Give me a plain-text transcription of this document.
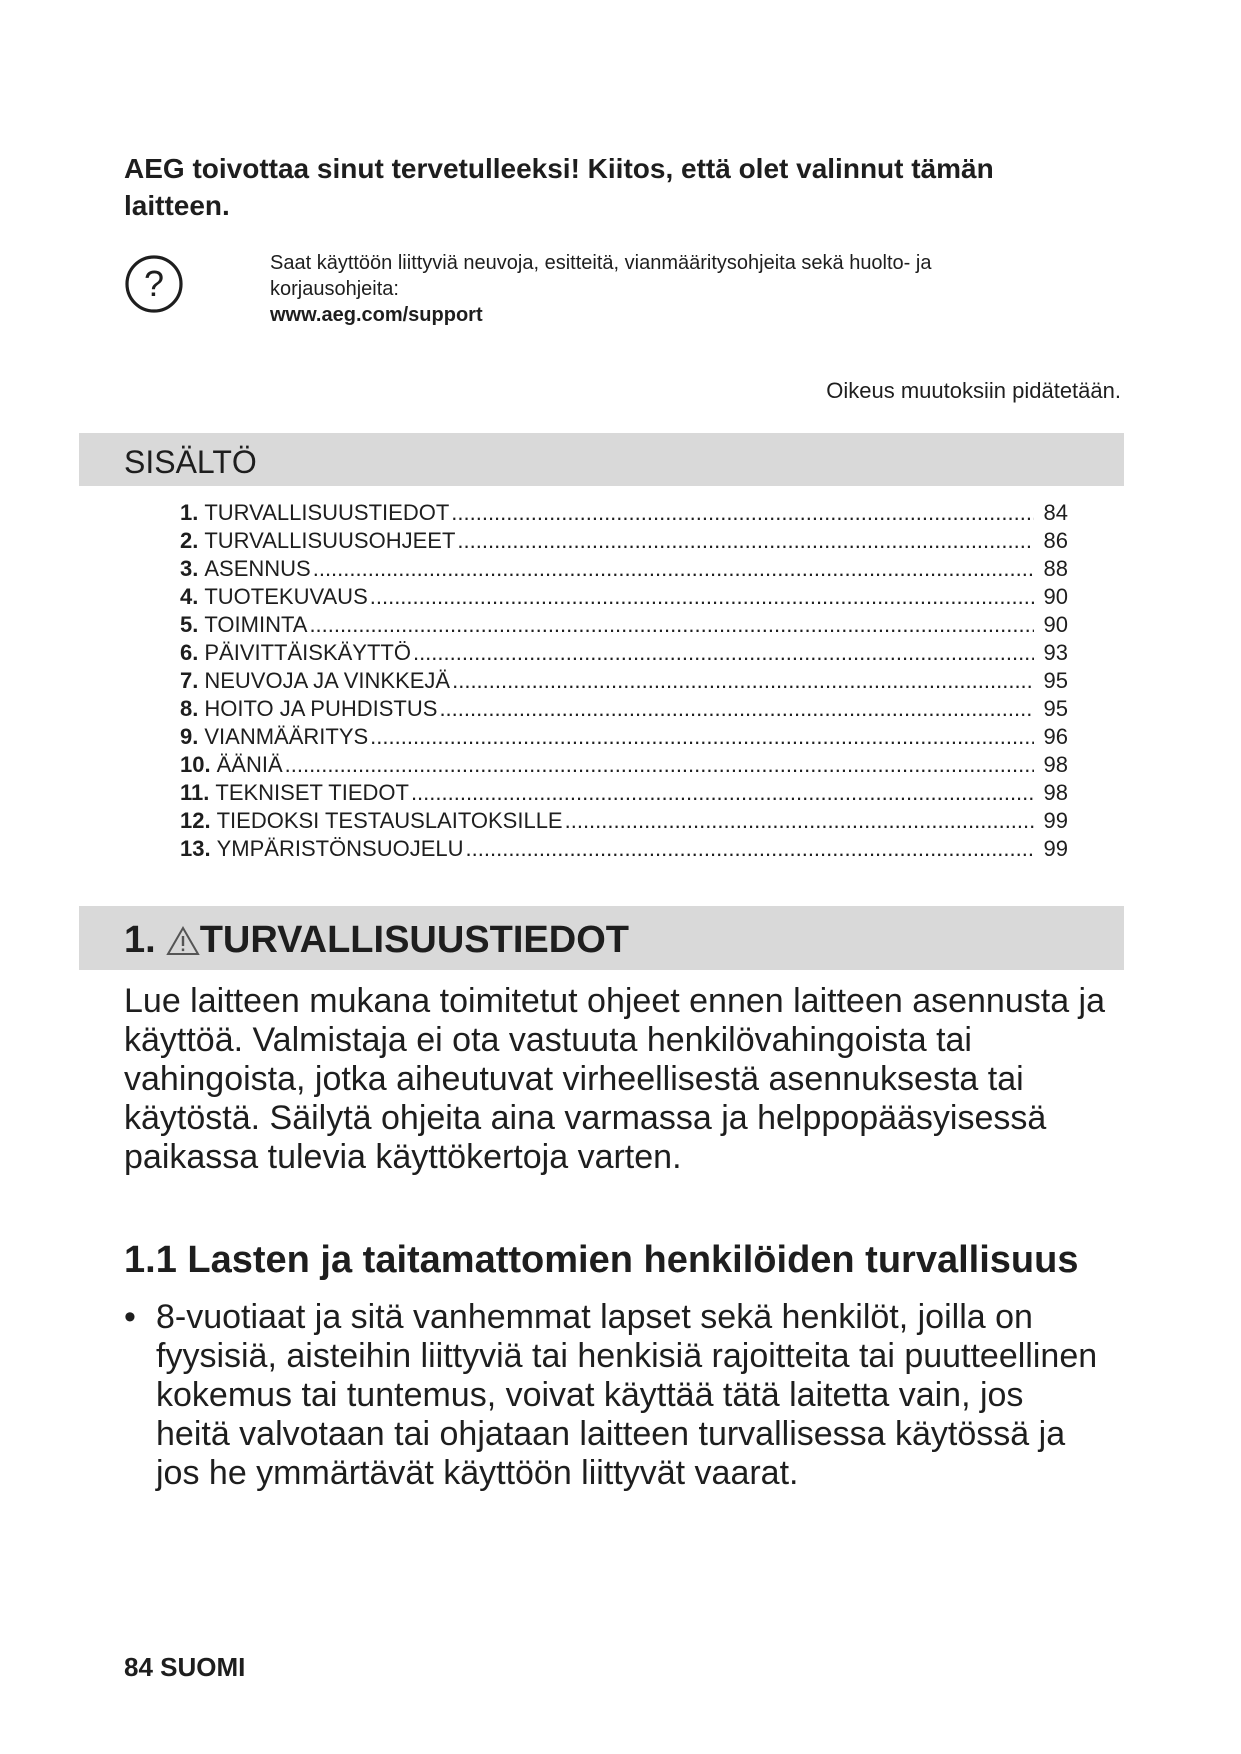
AEG toivottaa sinut tervetulleeksi! Kiitos, että olet valinnut tämän laitteen.
?	Saat käyttöön liittyviä neuvoja, esitteitä, vianmääritysohjeita sekä huolto- ja korjausohjeita:
www.aeg.com/support
Oikeus muutoksiin pidätetään.
SISÄLTÖ
1. TURVALLISUUSTIEDOT .....	84
2. TURVALLISUUSOHJEET .....	86
3. ASENNUS .....	88
4. TUOTEKUVAUS .....	90
5. TOIMINTA .....	90
6. PÄIVITTÄISKÄYTTÖ .....	93
7. NEUVOJA JA VINKKEJÄ .....	95
8. HOITO JA PUHDISTUS .....	95
9. VIANMÄÄRITYS .....	96
10. ÄÄNIÄ .....	98
11. TEKNISET TIEDOT .....	98
12. TIEDOKSI TESTAUSLAITOKSILLE .....	99
13. YMPÄRISTÖNSUOJELU .....	99
1. TURVALLISUUSTIEDOT

Lue laitteen mukana toimitetut ohjeet ennen laitteen asennusta ja käyttöä. Valmistaja ei ota vastuuta henkilövahingoista tai vahingoista, jotka aiheutuvat virheellisestä asennuksesta tai käytöstä. Säilytä ohjeita aina varmassa ja helppopääsyisessä paikassa tulevia käyttökertoja varten.

1.1 Lasten ja taitamattomien henkilöiden turvallisuus
• 8-vuotiaat ja sitä vanhemmat lapset sekä henkilöt, joilla on fyysisiä, aisteihin liittyviä tai henkisiä rajoitteita tai puutteellinen kokemus tai tuntemus, voivat käyttää tätä laitetta vain, jos heitä valvotaan tai ohjataan laitteen turvallisessa käytössä ja jos he ymmärtävät käyttöön liittyvät vaarat.
84 SUOMI
